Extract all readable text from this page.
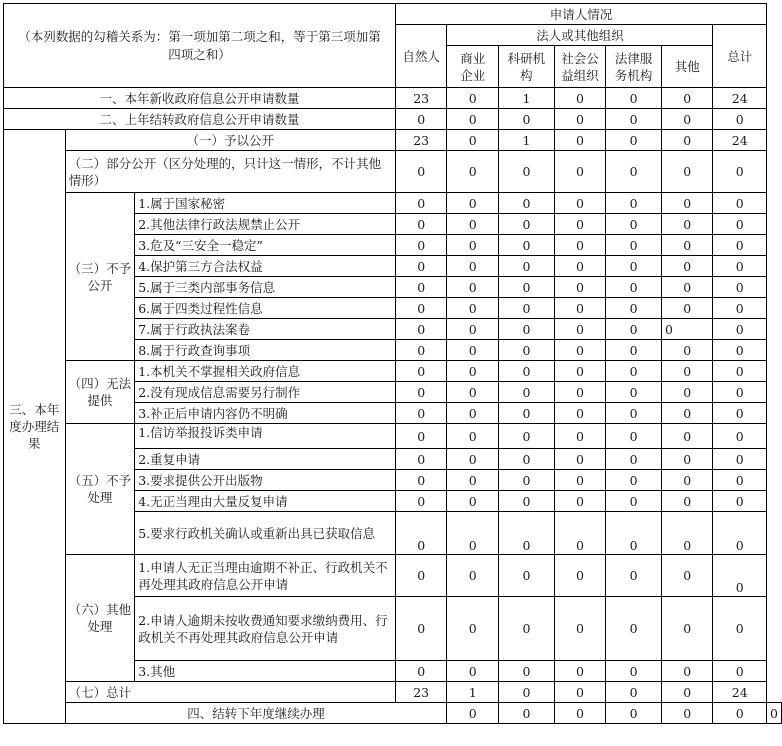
（本列数据的勾稽关系为：第一项加第二项之和，等于第三项加第四项之和）			申请人情况							
			自然人	法人或其他组织					总计	
				商业企业	科研机构	社会公益组织	法律服务机构	其他		
一、本年新收政府信息公开申请数量			23	0	1	0	0	0	24	
二、上年结转政府信息公开申请数量			0	0	0	0	0	0	0	
三、本年度办理结果	（一）予以公开		23	0	1	0	0	0	24	
	（二）部分公开（区分处理的，只计这一情形，不计其他情形）		0	0	0	0	0	0	0	
	（三）不予公开	1.属于国家秘密	0	0	0	0	0	0	0	
		2.其他法律行政法规禁止公开	0	0	0	0	0	0	0	
		3.危及“三安全一稳定”	0	0	0	0	0	0	0	
		4.保护第三方合法权益	0	0	0	0	0	0	0	
		5.属于三类内部事务信息	0	0	0	0	0	0	0	
		6.属于四类过程性信息	0	0	0	0	0	0	0	
		7.属于行政执法案卷	0	0	0	0	0	0	0	
		8.属于行政查询事项	0	0	0	0	0	0	0	
	（四）无法提供	1.本机关不掌握相关政府信息	0	0	0	0	0	0	0	
		2.没有现成信息需要另行制作	0	0	0	0	0	0	0	
		3.补正后申请内容仍不明确	0	0	0	0	0	0	0	
	（五）不予处理	1.信访举报投诉类申请	0	0	0	0	0	0	0	
		2.重复申请	0	0	0	0	0	0	0	
		3.要求提供公开出版物	0	0	0	0	0	0	0	
		4.无正当理由大量反复申请	0	0	0	0	0	0	0	
		5.要求行政机关确认或重新出具已获取信息	0	0	0	0	0	0	0	
	（六）其他处理	1.申请人无正当理由逾期不补正、行政机关不再处理其政府信息公开申请	0	0	0	0	0	0	0	
		2.申请人逾期未按收费通知要求缴纳费用、行政机关不再处理其政府信息公开申请	0	0	0	0	0	0	0	
		3.其他	0	0	0	0	0	0	0	
	（七）总计		23	1	0	0	0	0	24	
	四、结转下年度继续办理			0	0	0	0	0	0	0
